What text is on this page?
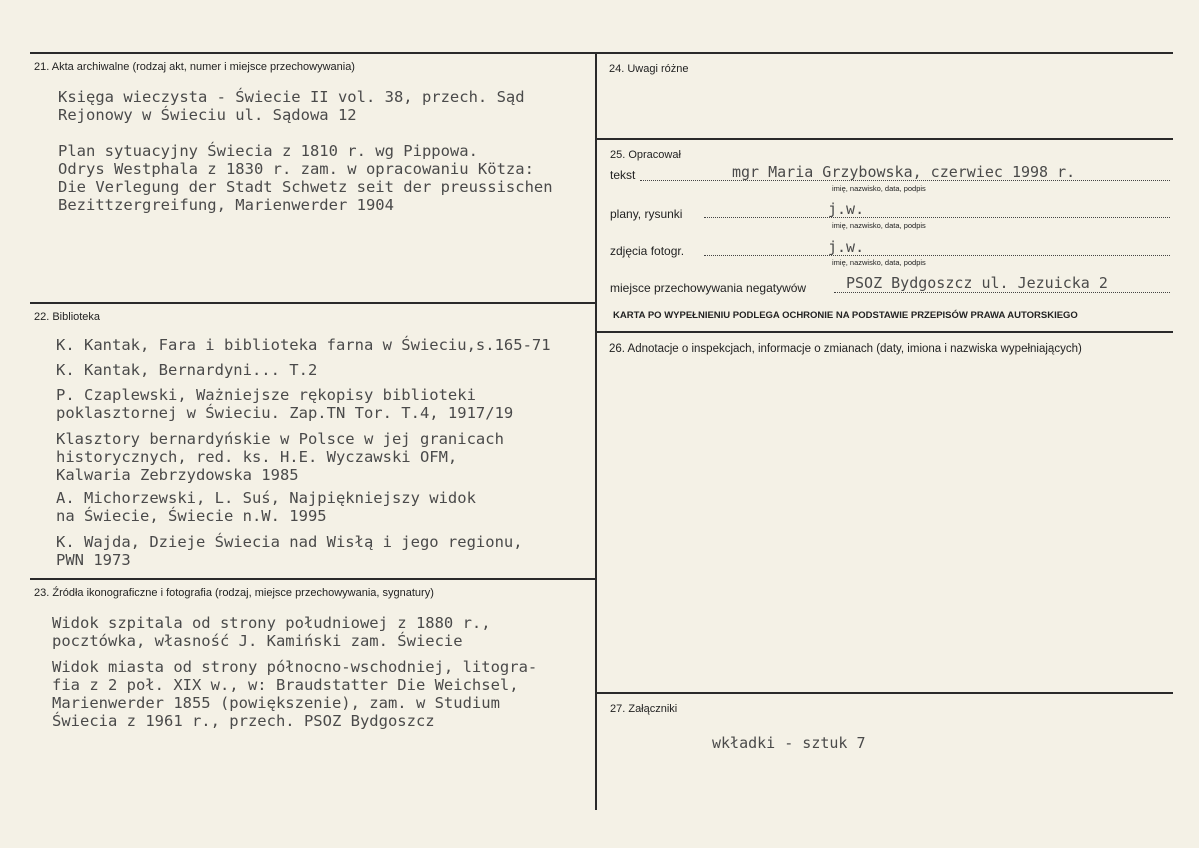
21. Akta archiwalne (rodzaj akt, numer i miejsce przechowywania)
Księga wieczysta - Świecie II vol. 38, przech. Sąd
Rejonowy w Świeciu ul. Sądowa 12
Plan sytuacyjny Świecia z 1810 r. wg Pippowa.
Odrys Westphala z 1830 r. zam. w opracowaniu Kötza:
Die Verlegung der Stadt Schwetz seit der preussischen
Bezittzergreifung, Marienwerder 1904
22. Biblioteka
K. Kantak, Fara i biblioteka farna w Świeciu,s.165-71
K. Kantak, Bernardyni... T.2
P. Czaplewski, Ważniejsze rękopisy biblioteki
poklasztornej w Świeciu. Zap.TN Tor. T.4, 1917/19
Klasztory bernardyńskie w Polsce w jej granicach
historycznych, red. ks. H.E. Wyczawski OFM,
Kalwaria Zebrzydowska 1985
A. Michorzewski, L. Suś, Najpiękniejszy widok
na Świecie, Świecie n.W. 1995
K. Wajda, Dzieje Świecia nad Wisłą i jego regionu,
PWN 1973
23. Źródła ikonograficzne i fotografia (rodzaj, miejsce przechowywania, sygnatury)
Widok szpitala od strony południowej z 1880 r.,
pocztówka, własność J. Kamiński zam. Świecie
Widok miasta od strony północno-wschodniej, litogra-
fia z 2 poł. XIX w., w: Braudstatter Die Weichsel,
Marienwerder 1855 (powiększenie), zam. w Studium
Świecia z 1961 r., przech. PSOZ Bydgoszcz
24. Uwagi różne
25. Opracował
tekst	mgr Maria Grzybowska, czerwiec 1998 r.
imię, nazwisko, data, podpis
plany, rysunki	j.w.
imię, nazwisko, data, podpis
zdjęcia fotogr.	j.w.
imię, nazwisko, data, podpis
miejsce przechowywania negatywów	PSOZ Bydgoszcz ul. Jezuicka 2
KARTA PO WYPEŁNIENIU PODLEGA OCHRONIE NA PODSTAWIE PRZEPISÓW PRAWA AUTORSKIEGO
26. Adnotacje o inspekcjach, informacje o zmianach (daty, imiona i nazwiska wypełniających)
27. Załączniki
wkładki - sztuk 7
